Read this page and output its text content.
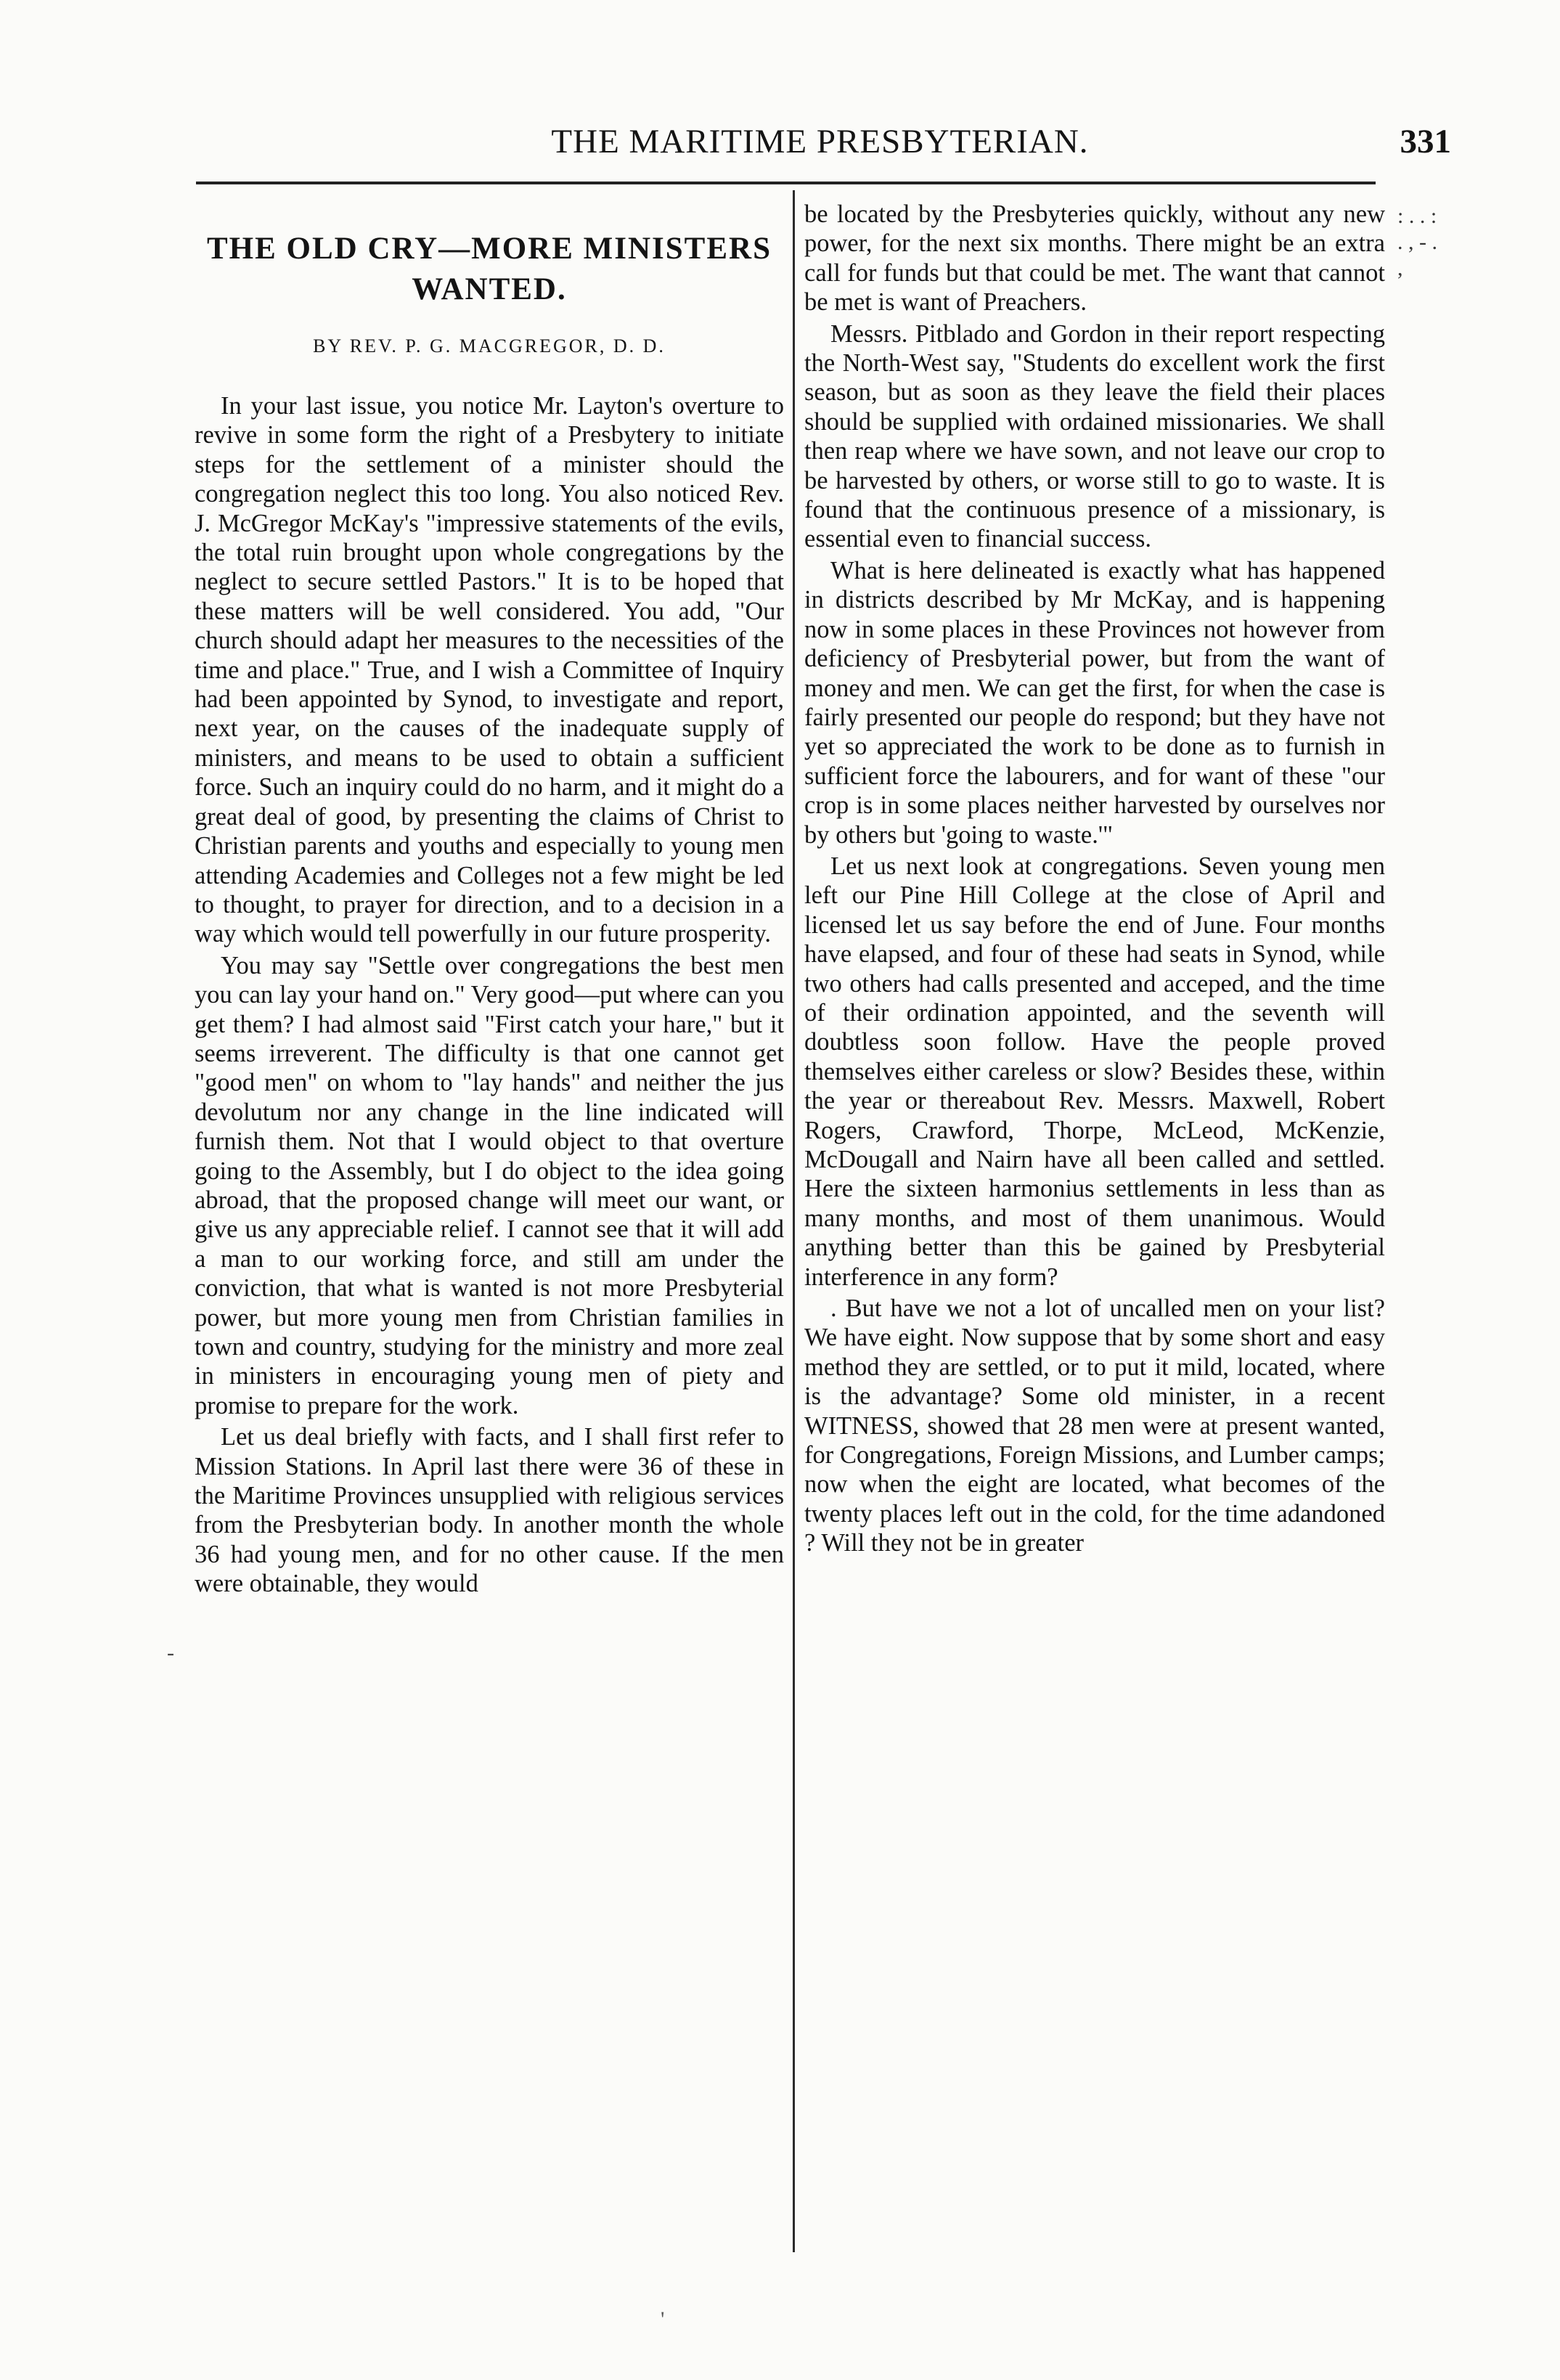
THE MARITIME PRESBYTERIAN.	331
THE OLD CRY—MORE MINISTERS WANTED.
BY REV. P. G. MACGREGOR, D. D.

In your last issue, you notice Mr. Layton's overture to revive in some form the right of a Presbytery to initiate steps for the settlement of a minister should the congregation neglect this too long. You also noticed Rev. J. McGregor McKay's "impressive statements of the evils, the total ruin brought upon whole congregations by the neglect to secure settled Pastors." It is to be hoped that these matters will be well considered. You add, "Our church should adapt her measures to the necessities of the time and place." True, and I wish a Committee of Inquiry had been appointed by Synod, to investigate and report, next year, on the causes of the inadequate supply of ministers, and means to be used to obtain a sufficient force. Such an inquiry could do no harm, and it might do a great deal of good, by presenting the claims of Christ to Christian parents and youths and especially to young men attending Academies and Colleges not a few might be led to thought, to prayer for direction, and to a decision in a way which would tell powerfully in our future prosperity.

You may say "Settle over congregations the best men you can lay your hand on." Very good—put where can you get them? I had almost said "First catch your hare," but it seems irreverent. The difficulty is that one cannot get "good men" on whom to "lay hands" and neither the jus devolutum nor any change in the line indicated will furnish them. Not that I would object to that overture going to the Assembly, but I do object to the idea going abroad, that the proposed change will meet our want, or give us any appreciable relief. I cannot see that it will add a man to our working force, and still am under the conviction, that what is wanted is not more Presbyterial power, but more young men from Christian families in town and country, studying for the ministry and more zeal in ministers in encouraging young men of piety and promise to prepare for the work.

Let us deal briefly with facts, and I shall first refer to Mission Stations. In April last there were 36 of these in the Maritime Provinces unsupplied with religious services from the Presbyterian body. In another month the whole 36 had young men, and for no other cause. If the men were obtainable, they would

be located by the Presbyteries quickly, without any new power, for the next six months. There might be an extra call for funds but that could be met. The want that cannot be met is want of Preachers.

Messrs. Pitblado and Gordon in their report respecting the North-West say, "Students do excellent work the first season, but as soon as they leave the field their places should be supplied with ordained missionaries. We shall then reap where we have sown, and not leave our crop to be harvested by others, or worse still to go to waste. It is found that the continuous presence of a missionary, is essential even to financial success.

What is here delineated is exactly what has happened in districts described by Mr McKay, and is happening now in some places in these Provinces not however from deficiency of Presbyterial power, but from the want of money and men. We can get the first, for when the case is fairly presented our people do respond; but they have not yet so appreciated the work to be done as to furnish in sufficient force the labourers, and for want of these "our crop is in some places neither harvested by ourselves nor by others but 'going to waste.'"

Let us next look at congregations. Seven young men left our Pine Hill College at the close of April and licensed let us say before the end of June. Four months have elapsed, and four of these had seats in Synod, while two others had calls presented and acceped, and the time of their ordination appointed, and the seventh will doubtless soon follow. Have the people proved themselves either careless or slow? Besides these, within the year or thereabout Rev. Messrs. Maxwell, Robert Rogers, Crawford, Thorpe, McLeod, McKenzie, McDougall and Nairn have all been called and settled. Here the sixteen harmonius settlements in less than as many months, and most of them unanimous. Would anything better than this be gained by Presbyterial interference in any form?

. But have we not a lot of uncalled men on your list? We have eight. Now suppose that by some short and easy method they are settled, or to put it mild, located, where is the advantage? Some old minister, in a recent WITNESS, showed that 28 men were at present wanted, for Congregations, Foreign Missions, and Lumber camps; now when the eight are located, what becomes of the twenty places left out in the cold, for the time adandoned ? Will they not be in greater

-
: . . : . , - . ,
'
